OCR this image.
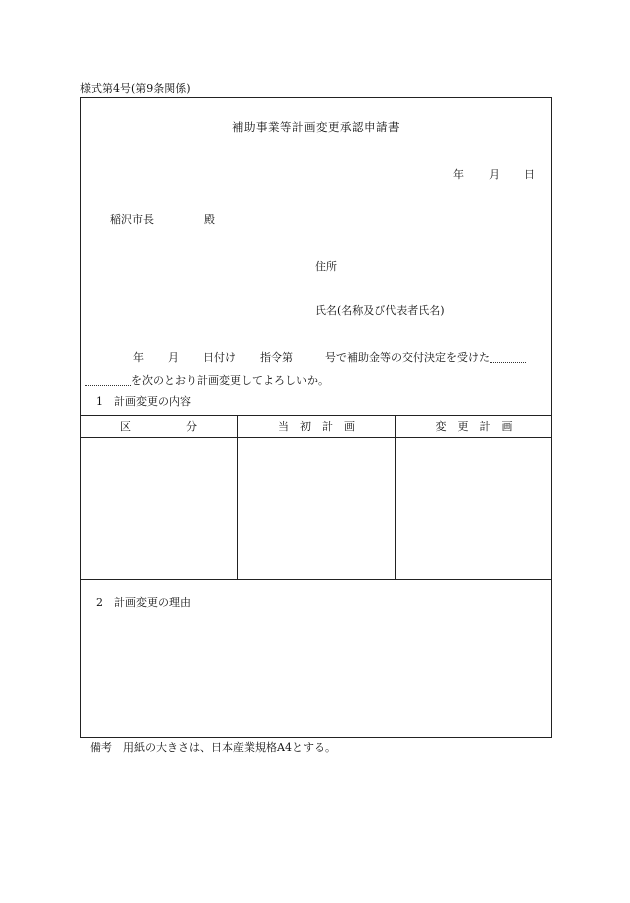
様式第4号(第9条関係)
補助事業等計画変更承認申請書
年 月 日
稲沢市長	殿
住所
氏名(名称及び代表者氏名)
年 月 日付け 指令第	号で補助金等の交付決定を受けた
を次のとおり計画変更してよろしいか。
1　計画変更の内容
区　　　　　分	当　初　計　画	変　更　計　画
2　計画変更の理由
備考　用紙の大きさは、日本産業規格A4とする。
